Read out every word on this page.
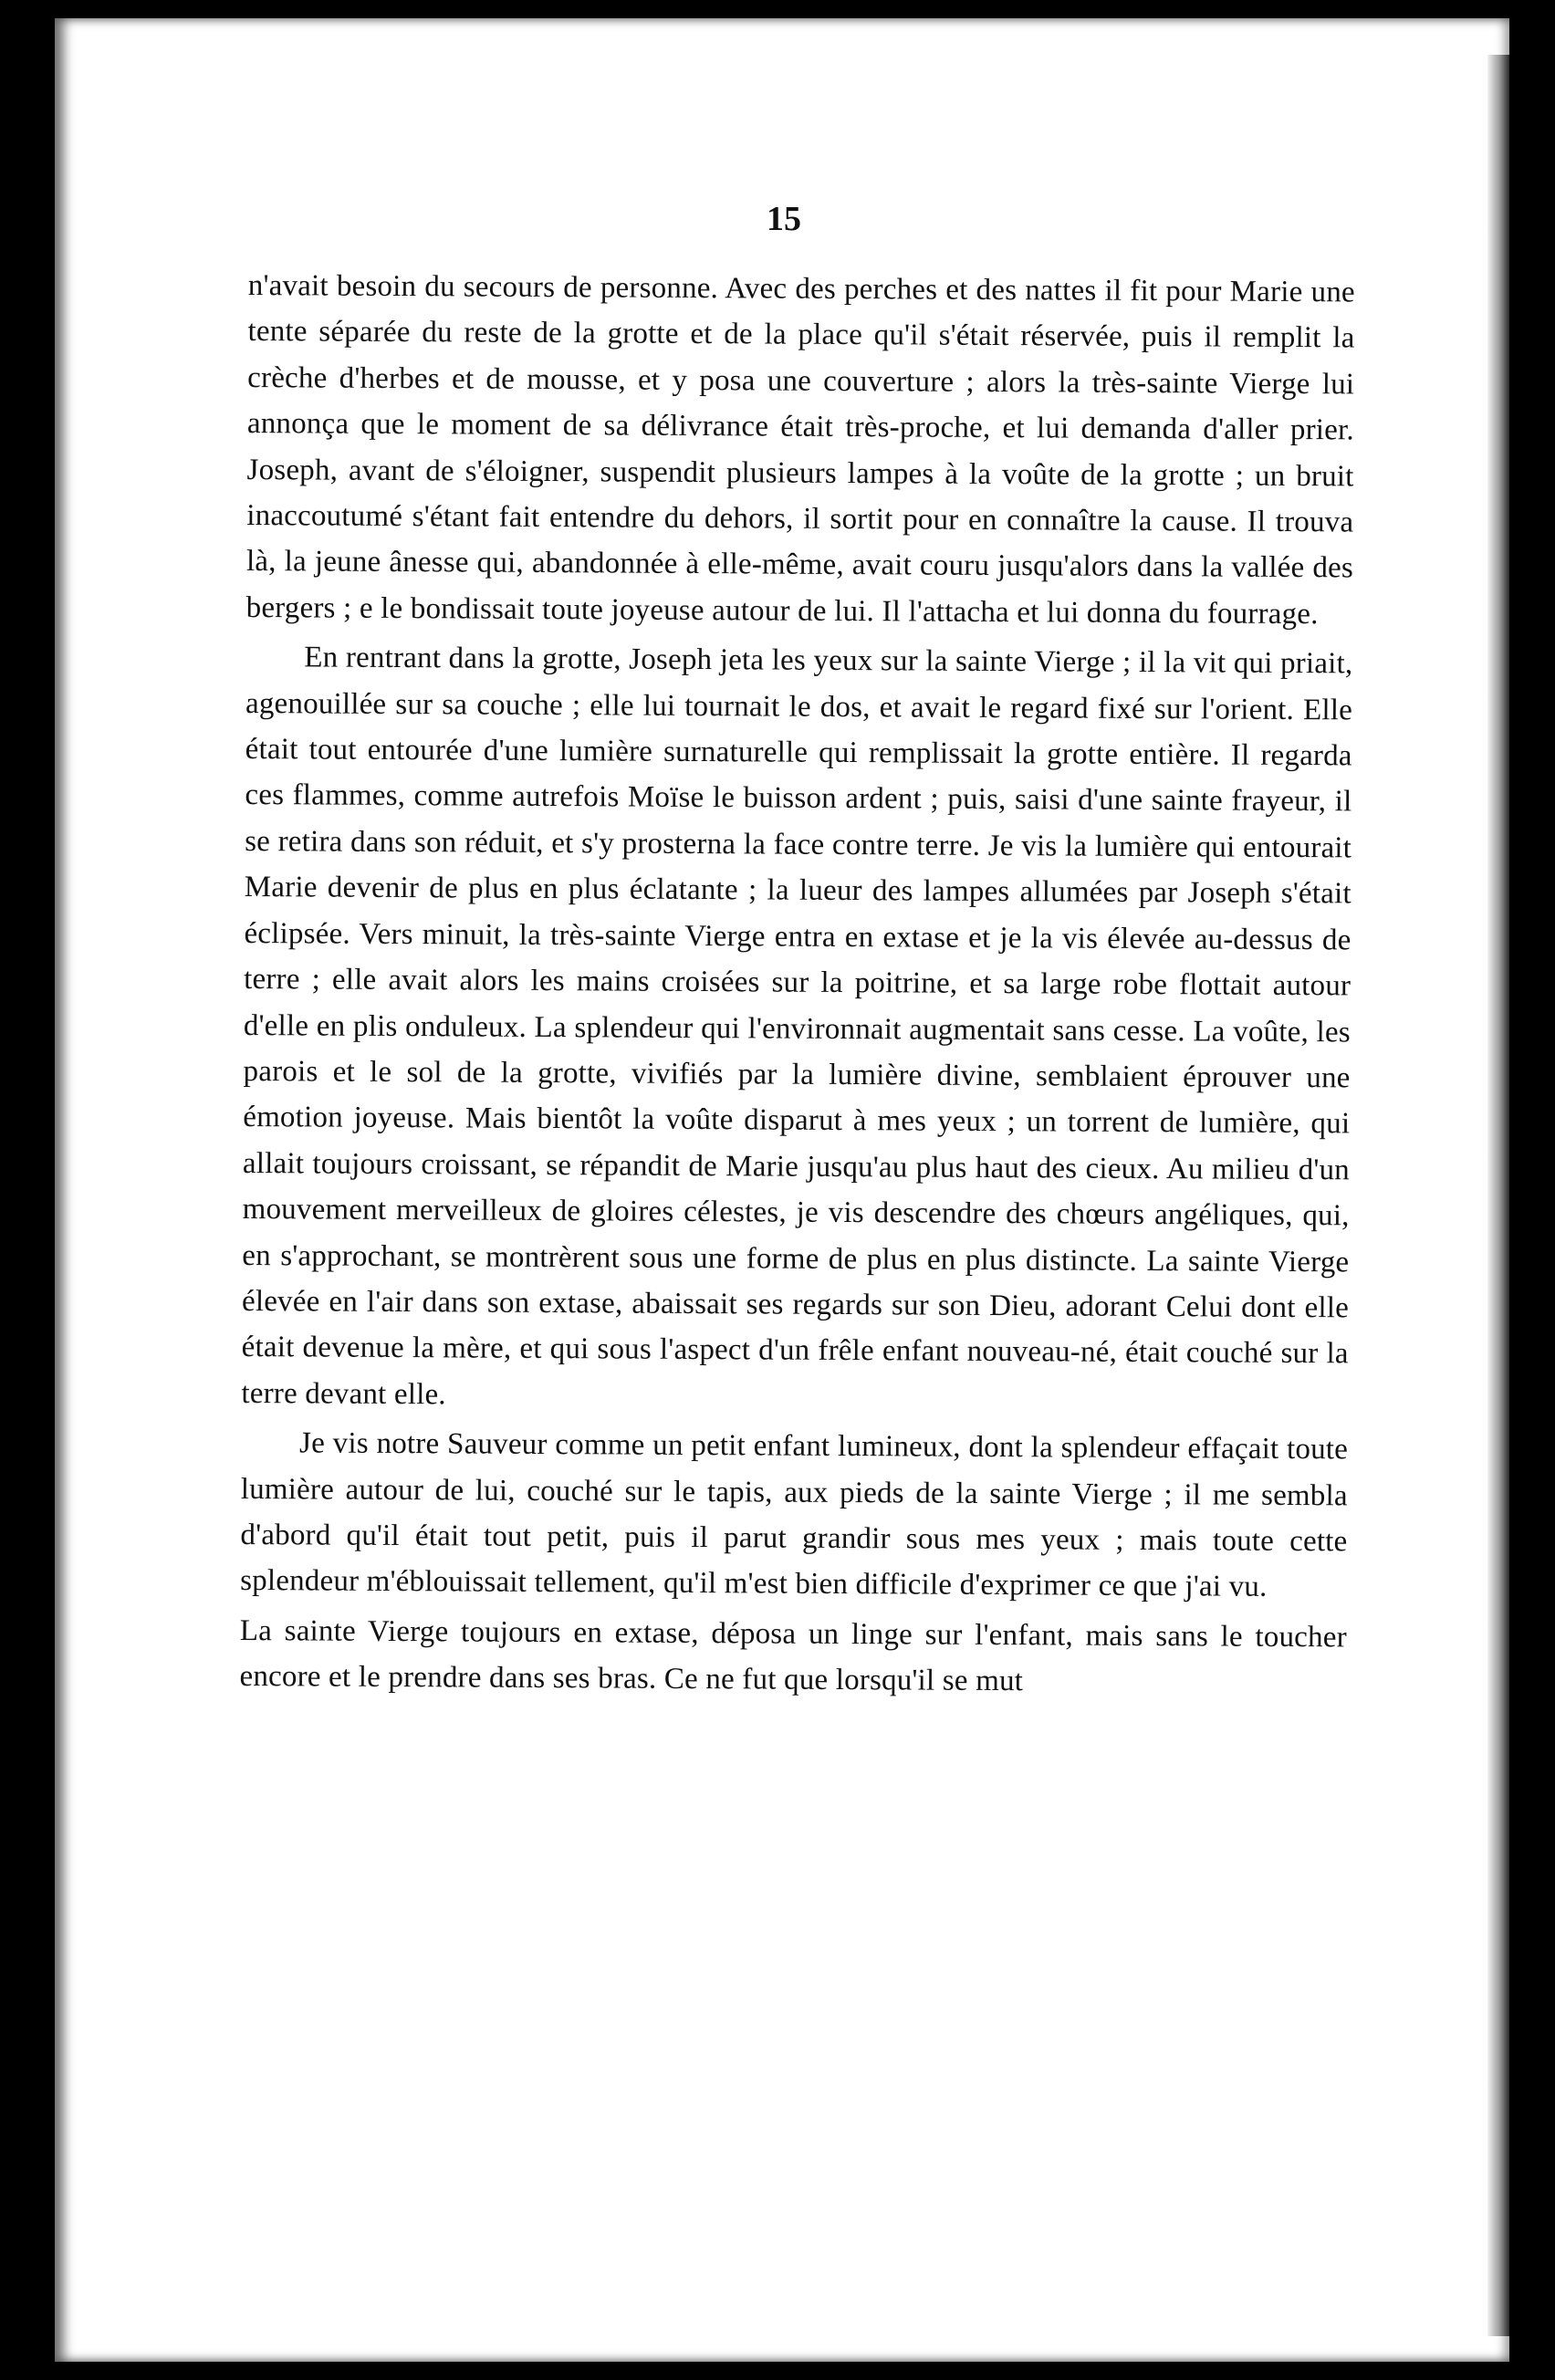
15

n'avait besoin du secours de personne. Avec des perches et des nattes il fit pour Marie une tente séparée du reste de la grotte et de la place qu'il s'était réservée, puis il remplit la crèche d'herbes et de mousse, et y posa une couverture ; alors la très-sainte Vierge lui annonça que le moment de sa délivrance était très-proche, et lui demanda d'aller prier. Joseph, avant de s'éloigner, suspendit plusieurs lampes à la voûte de la grotte ; un bruit inaccoutumé s'étant fait entendre du dehors, il sortit pour en connaître la cause. Il trouva là, la jeune ânesse qui, abandonnée à elle-même, avait couru jusqu'alors dans la vallée des bergers ; e le bondissait toute joyeuse autour de lui. Il l'attacha et lui donna du fourrage.

En rentrant dans la grotte, Joseph jeta les yeux sur la sainte Vierge ; il la vit qui priait, agenouillée sur sa couche ; elle lui tournait le dos, et avait le regard fixé sur l'orient. Elle était tout entourée d'une lumière surnaturelle qui remplissait la grotte entière. Il regarda ces flammes, comme autrefois Moïse le buisson ardent ; puis, saisi d'une sainte frayeur, il se retira dans son réduit, et s'y prosterna la face contre terre. Je vis la lumière qui entourait Marie devenir de plus en plus éclatante ; la lueur des lampes allumées par Joseph s'était éclipsée. Vers minuit, la très-sainte Vierge entra en extase et je la vis élevée au-dessus de terre ; elle avait alors les mains croisées sur la poitrine, et sa large robe flottait autour d'elle en plis onduleux. La splendeur qui l'environnait augmentait sans cesse. La voûte, les parois et le sol de la grotte, vivifiés par la lumière divine, semblaient éprouver une émotion joyeuse. Mais bientôt la voûte disparut à mes yeux ; un torrent de lumière, qui allait toujours croissant, se répandit de Marie jusqu'au plus haut des cieux. Au milieu d'un mouvement merveilleux de gloires célestes, je vis descendre des chœurs angéliques, qui, en s'approchant, se montrèrent sous une forme de plus en plus distincte. La sainte Vierge élevée en l'air dans son extase, abaissait ses regards sur son Dieu, adorant Celui dont elle était devenue la mère, et qui sous l'aspect d'un frêle enfant nouveau-né, était couché sur la terre devant elle.

Je vis notre Sauveur comme un petit enfant lumineux, dont la splendeur effaçait toute lumière autour de lui, couché sur le tapis, aux pieds de la sainte Vierge ; il me sembla d'abord qu'il était tout petit, puis il parut grandir sous mes yeux ; mais toute cette splendeur m'éblouissait tellement, qu'il m'est bien difficile d'exprimer ce que j'ai vu.

La sainte Vierge toujours en extase, déposa un linge sur l'enfant, mais sans le toucher encore et le prendre dans ses bras. Ce ne fut que lorsqu'il se mut
